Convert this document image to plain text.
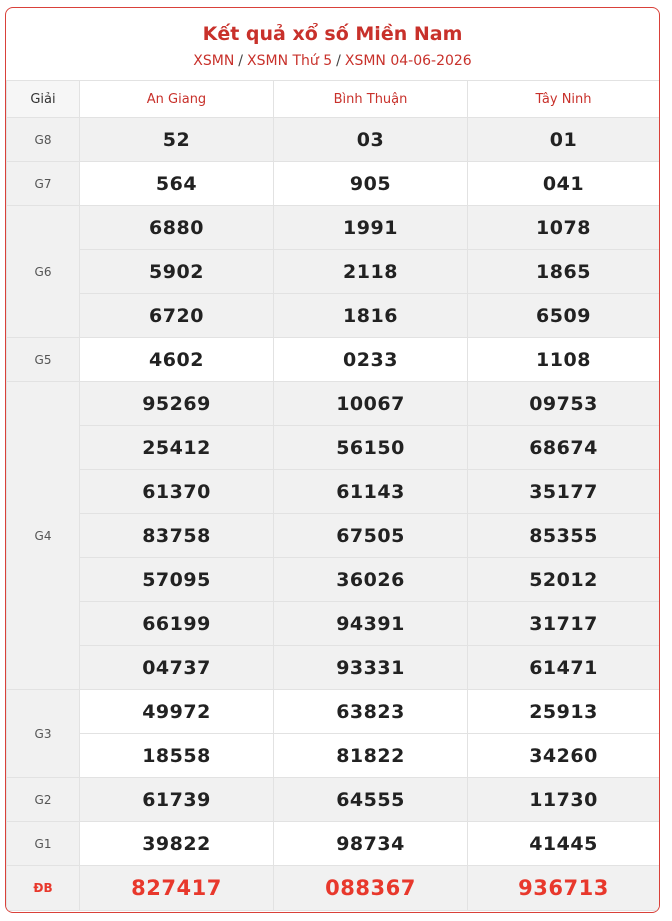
Kết quả xổ số Miền Nam
XSMN / XSMN Thứ 5 / XSMN 04-06-2026
Giải	An Giang	Bình Thuận	Tây Ninh
G8	52	03	01
G7	564	905	041
G6	6880	1991	1078
	5902	2118	1865
	6720	1816	6509
G5	4602	0233	1108
G4	95269	10067	09753
	25412	56150	68674
	61370	61143	35177
	83758	67505	85355
	57095	36026	52012
	66199	94391	31717
	04737	93331	61471
G3	49972	63823	25913
	18558	81822	34260
G2	61739	64555	11730
G1	39822	98734	41445
ĐB	827417	088367	936713
